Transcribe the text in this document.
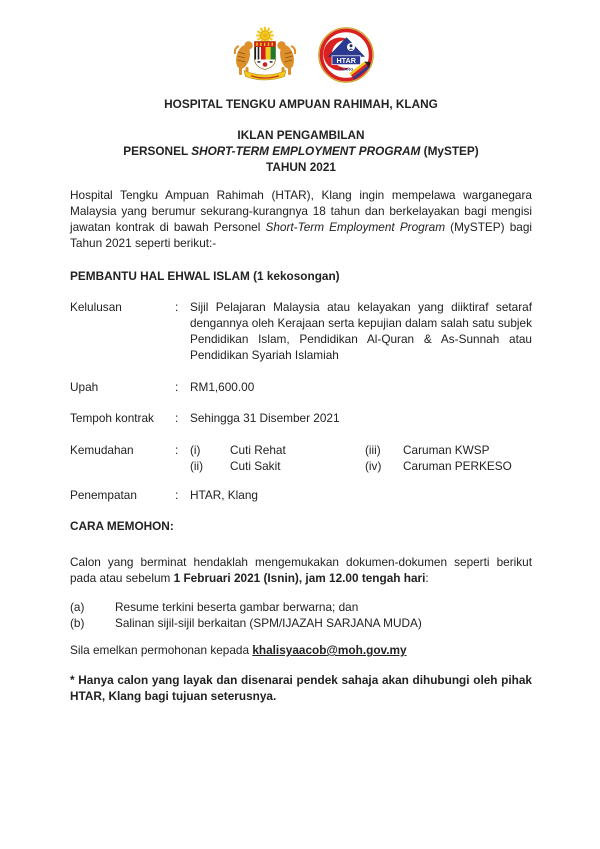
HTAR
KLANG
HOSPITAL TENGKU AMPUAN RAHIMAH, KLANG
IKLAN PENGAMBILAN
PERSONEL SHORT-TERM EMPLOYMENT PROGRAM (MySTEP)
TAHUN 2021

Hospital Tengku Ampuan Rahimah (HTAR), Klang ingin mempelawa warganegara Malaysia yang berumur sekurang-kurangnya 18 tahun dan berkelayakan bagi mengisi jawatan kontrak di bawah Personel Short-Term Employment Program (MySTEP) bagi Tahun 2021 seperti berikut:-

PEMBANTU HAL EHWAL ISLAM (1 kekosongan)
Kelulusan	: Sijil Pelajaran Malaysia atau kelayakan yang diiktiraf setaraf dengannya oleh Kerajaan serta kepujian dalam salah satu subjek Pendidikan Islam, Pendidikan Al-Quran & As-Sunnah atau Pendidikan Syariah Islamiah
Upah	: RM1,600.00
Tempoh kontrak	: Sehingga 31 Disember 2021
Kemudahan	: (i)	Cuti Rehat	(iii)	Caruman KWSP
(ii)	Cuti Sakit	(iv)	Caruman PERKESO
Penempatan	: HTAR, Klang
CARA MEMOHON:

Calon yang berminat hendaklah mengemukakan dokumen-dokumen seperti berikut pada atau sebelum 1 Februari 2021 (Isnin), jam 12.00 tengah hari:

(a)	Resume terkini beserta gambar berwarna; dan
(b)	Salinan sijil-sijil berkaitan (SPM/IJAZAH SARJANA MUDA)

Sila emelkan permohonan kepada khalisyaacob@moh.gov.my

* Hanya calon yang layak dan disenarai pendek sahaja akan dihubungi oleh pihak HTAR, Klang bagi tujuan seterusnya.
